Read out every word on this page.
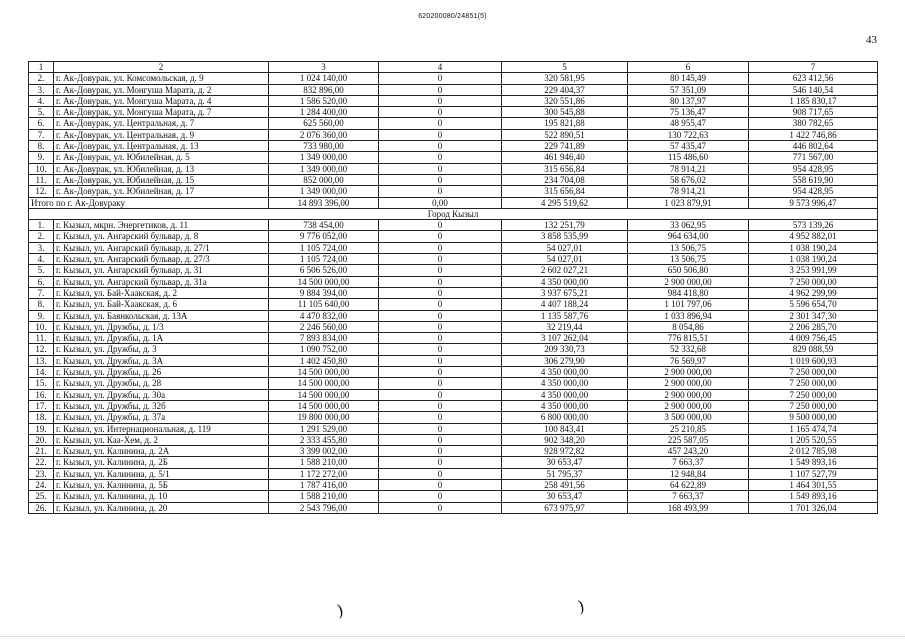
620200080/24851(5)
43
1	2	3	4	5	6	7
2.	г. Ак-Довурак, ул. Комсомольская, д. 9	1 024 140,00	0	320 581,95	80 145,49	623 412,56
3.	г. Ак-Довурак, ул. Монгуша Марата, д. 2	832 896,00	0	229 404,37	57 351,09	546 140,54
4.	г. Ак-Довурак, ул. Монгуша Марата, д. 4	1 586 520,00	0	320 551,86	80 137,97	1 185 830,17
5.	г. Ак-Довурак, ул. Монгуша Марата, д. 7	1 284 400,00	0	300 545,88	75 136,47	908 717,65
6.	г. Ак-Довурак, ул. Центральная, д. 7	625 560,00	0	195 821,88	48 955,47	380 782,65
7.	г. Ак-Довурак, ул. Центральная, д. 9	2 076 360,00	0	522 890,51	130 722,63	1 422 746,86
8.	г. Ак-Довурак, ул. Центральная, д. 13	733 980,00	0	229 741,89	57 435,47	446 802,64
9.	г. Ак-Довурак, ул. Юбилейная, д. 5	1 349 000,00	0	461 946,40	115 486,60	771 567,00
10.	г. Ак-Довурак, ул. Юбилейная, д. 13	1 349 000,00	0	315 656,84	78 914,21	954 428,95
11.	г. Ак-Довурак, ул. Юбилейная, д. 15	852 000,00	0	234 704,08	58 676,02	558 619,90
12.	г. Ак-Довурак, ул. Юбилейная, д. 17	1 349 000,00	0	315 656,84	78 914,21	954 428,95
Итого по г. Ак-Довураку		14 893 396,00	0,00	4 295 519,62	1 023 879,91	9 573 996,47
Город Кызыл						
1.	г. Кызыл, мкрн. Энергетиков, д. 11	738 454,00	0	132 251,79	33 062,95	573 139,26
2.	г. Кызыл, ул. Ангарский бульвар, д. 8	9 776 052,00	0	3 858 535,99	964 634,00	4 952 882,01
3.	г. Кызыл, ул. Ангарский бульвар, д. 27/1	1 105 724,00	0	54 027,01	13 506,75	1 038 190,24
4.	г. Кызыл, ул. Ангарский бульвар, д. 27/3	1 105 724,00	0	54 027,01	13 506,75	1 038 190,24
5.	г. Кызыл, ул. Ангарский бульвар, д. 31	6 506 526,00	0	2 602 027,21	650 506,80	3 253 991,99
6.	г. Кызыл, ул. Ангарский бульвар, д. 31а	14 500 000,00	0	4 350 000,00	2 900 000,00	7 250 000,00
7.	г. Кызыл, ул. Бай-Хаакская, д. 2	9 884 394,00	0	3 937 675,21	984 418,80	4 962 299,99
8.	г. Кызыл, ул. Бай-Хаакская, д. 6	11 105 640,00	0	4 407 188,24	1 101 797,06	5 596 654,70
9.	г. Кызыл, ул. Баянкольская, д. 13А	4 470 832,00	0	1 135 587,76	1 033 896,94	2 301 347,30
10.	г. Кызыл, ул. Дружбы, д. 1/3	2 246 560,00	0	32 219,44	8 054,86	2 206 285,70
11.	г. Кызыл, ул. Дружбы, д. 1А	7 893 834,00	0	3 107 262,04	776 815,51	4 009 756,45
12.	г. Кызыл, ул. Дружбы, д. 3	1 090 752,00	0	209 330,73	52 332,68	829 088,59
13.	г. Кызыл, ул. Дружбы, д. 3А	1 402 450,80	0	306 279,90	76 569,97	1 019 600,93
14.	г. Кызыл, ул. Дружбы, д. 26	14 500 000,00	0	4 350 000,00	2 900 000,00	7 250 000,00
15.	г. Кызыл, ул. Дружбы, д. 28	14 500 000,00	0	4 350 000,00	2 900 000,00	7 250 000,00
16.	г. Кызыл, ул. Дружбы, д. 30а	14 500 000,00	0	4 350 000,00	2 900 000,00	7 250 000,00
17.	г. Кызыл, ул. Дружбы, д. 32б	14 500 000,00	0	4 350 000,00	2 900 000,00	7 250 000,00
18.	г. Кызыл, ул. Дружбы, д. 37а	19 800 000,00	0	6 800 000,00	3 500 000,00	9 500 000,00
19.	г. Кызыл, ул. Интернациональная, д. 119	1 291 529,00	0	100 843,41	25 210,85	1 165 474,74
20.	г. Кызыл, ул. Каа-Хем, д. 2	2 333 455,80	0	902 348,20	225 587,05	1 205 520,55
21.	г. Кызыл, ул. Калинина, д. 2А	3 399 002,00	0	928 972,82	457 243,20	2 012 785,98
22.	г. Кызыл, ул. Калинина, д. 2Б	1 588 210,00	0	30 653,47	7 663,37	1 549 893,16
23.	г. Кызыл, ул. Калинина, д. 5/1	1 172 272,00	0	51 795,37	12 948,84	1 107 527,79
24.	г. Кызыл, ул. Калинина, д. 5Б	1 787 416,00	0	258 491,56	64 622,89	1 464 301,55
25.	г. Кызыл, ул. Калинина, д. 10	1 588 210,00	0	30 653,47	7 663,37	1 549 893,16
26.	г. Кызыл, ул. Калинина, д. 20	2 543 796,00	0	673 975,97	168 493,99	1 701 326,04
)	)
